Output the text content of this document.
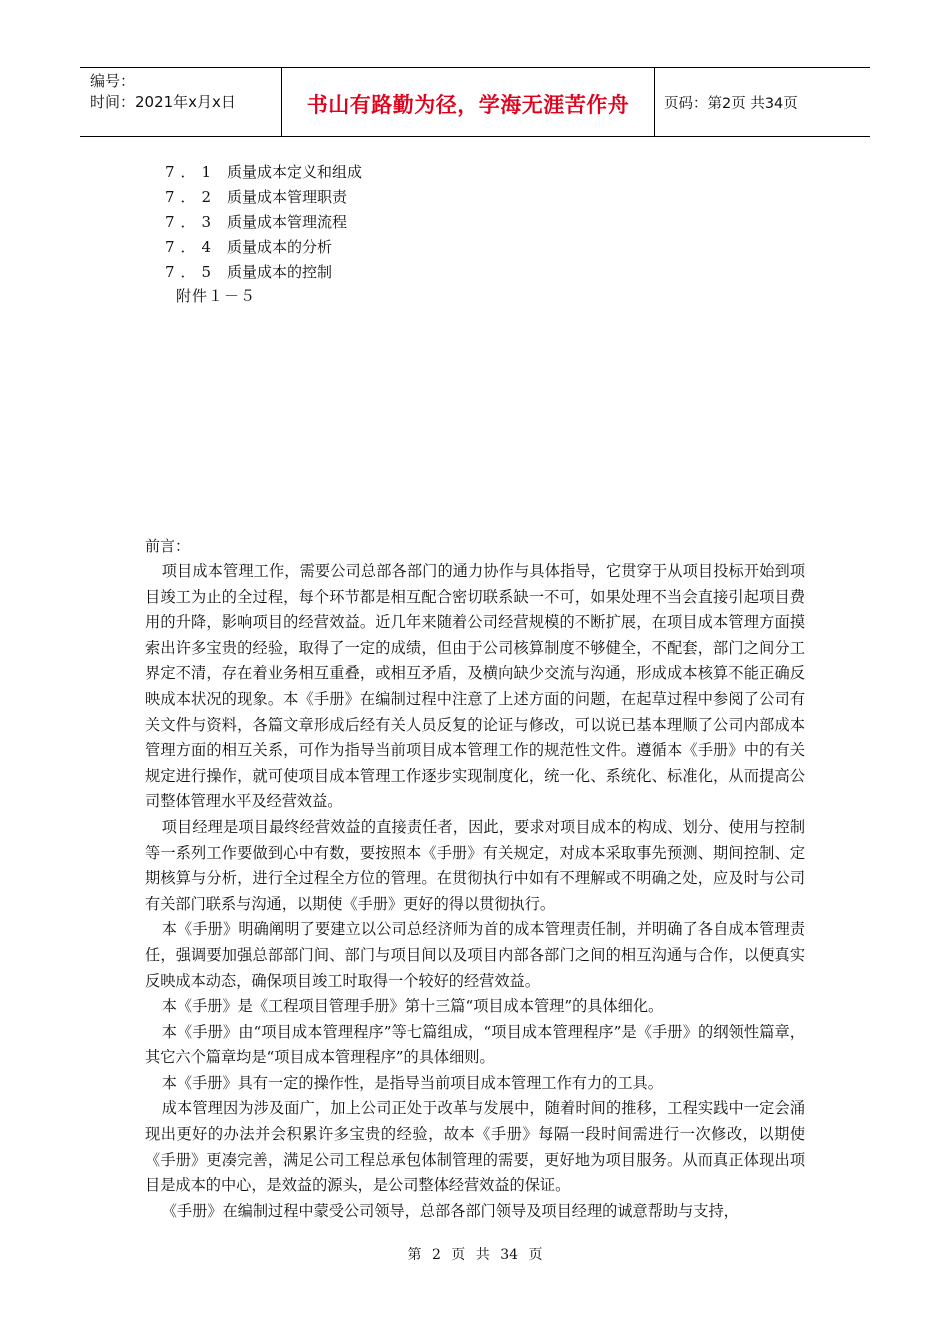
编号：
时间：2021年x月x日	书山有路勤为径，学海无涯苦作舟	页码：第2页 共34页
7．1 质量成本定义和组成
7．2 质量成本管理职责
7．3 质量成本管理流程
7．4 质量成本的分析
7．5 质量成本的控制
附件１－５
前言：

项目成本管理工作，需要公司总部各部门的通力协作与具体指导，它贯穿于从项目投标开始到项目竣工为止的全过程，每个环节都是相互配合密切联系缺一不可，如果处理不当会直接引起项目费用的升降，影响项目的经营效益。近几年来随着公司经营规模的不断扩展，在项目成本管理方面摸索出许多宝贵的经验，取得了一定的成绩，但由于公司核算制度不够健全，不配套，部门之间分工界定不清，存在着业务相互重叠，或相互矛盾，及横向缺少交流与沟通，形成成本核算不能正确反映成本状况的现象。本《手册》在编制过程中注意了上述方面的问题，在起草过程中参阅了公司有关文件与资料，各篇文章形成后经有关人员反复的论证与修改，可以说已基本理顺了公司内部成本管理方面的相互关系，可作为指导当前项目成本管理工作的规范性文件。遵循本《手册》中的有关规定进行操作，就可使项目成本管理工作逐步实现制度化，统一化、系统化、标准化，从而提高公司整体管理水平及经营效益。

项目经理是项目最终经营效益的直接责任者，因此，要求对项目成本的构成、划分、使用与控制等一系列工作要做到心中有数，要按照本《手册》有关规定，对成本采取事先预测、期间控制、定期核算与分析，进行全过程全方位的管理。在贯彻执行中如有不理解或不明确之处，应及时与公司有关部门联系与沟通，以期使《手册》更好的得以贯彻执行。

本《手册》明确阐明了要建立以公司总经济师为首的成本管理责任制，并明确了各自成本管理责任，强调要加强总部部门间、部门与项目间以及项目内部各部门之间的相互沟通与合作，以便真实反映成本动态，确保项目竣工时取得一个较好的经营效益。

本《手册》是《工程项目管理手册》第十三篇“项目成本管理”的具体细化。

本《手册》由“项目成本管理程序”等七篇组成，“项目成本管理程序”是《手册》的纲领性篇章，其它六个篇章均是“项目成本管理程序”的具体细则。

本《手册》具有一定的操作性，是指导当前项目成本管理工作有力的工具。

成本管理因为涉及面广，加上公司正处于改革与发展中，随着时间的推移，工程实践中一定会涌现出更好的办法并会积累许多宝贵的经验，故本《手册》每隔一段时间需进行一次修改，以期使《手册》更凑完善，满足公司工程总承包体制管理的需要，更好地为项目服务。从而真正体现出项目是成本的中心，是效益的源头，是公司整体经营效益的保证。

《手册》在编制过程中蒙受公司领导，总部各部门领导及项目经理的诚意帮助与支持，

第 2 页 共 34 页
